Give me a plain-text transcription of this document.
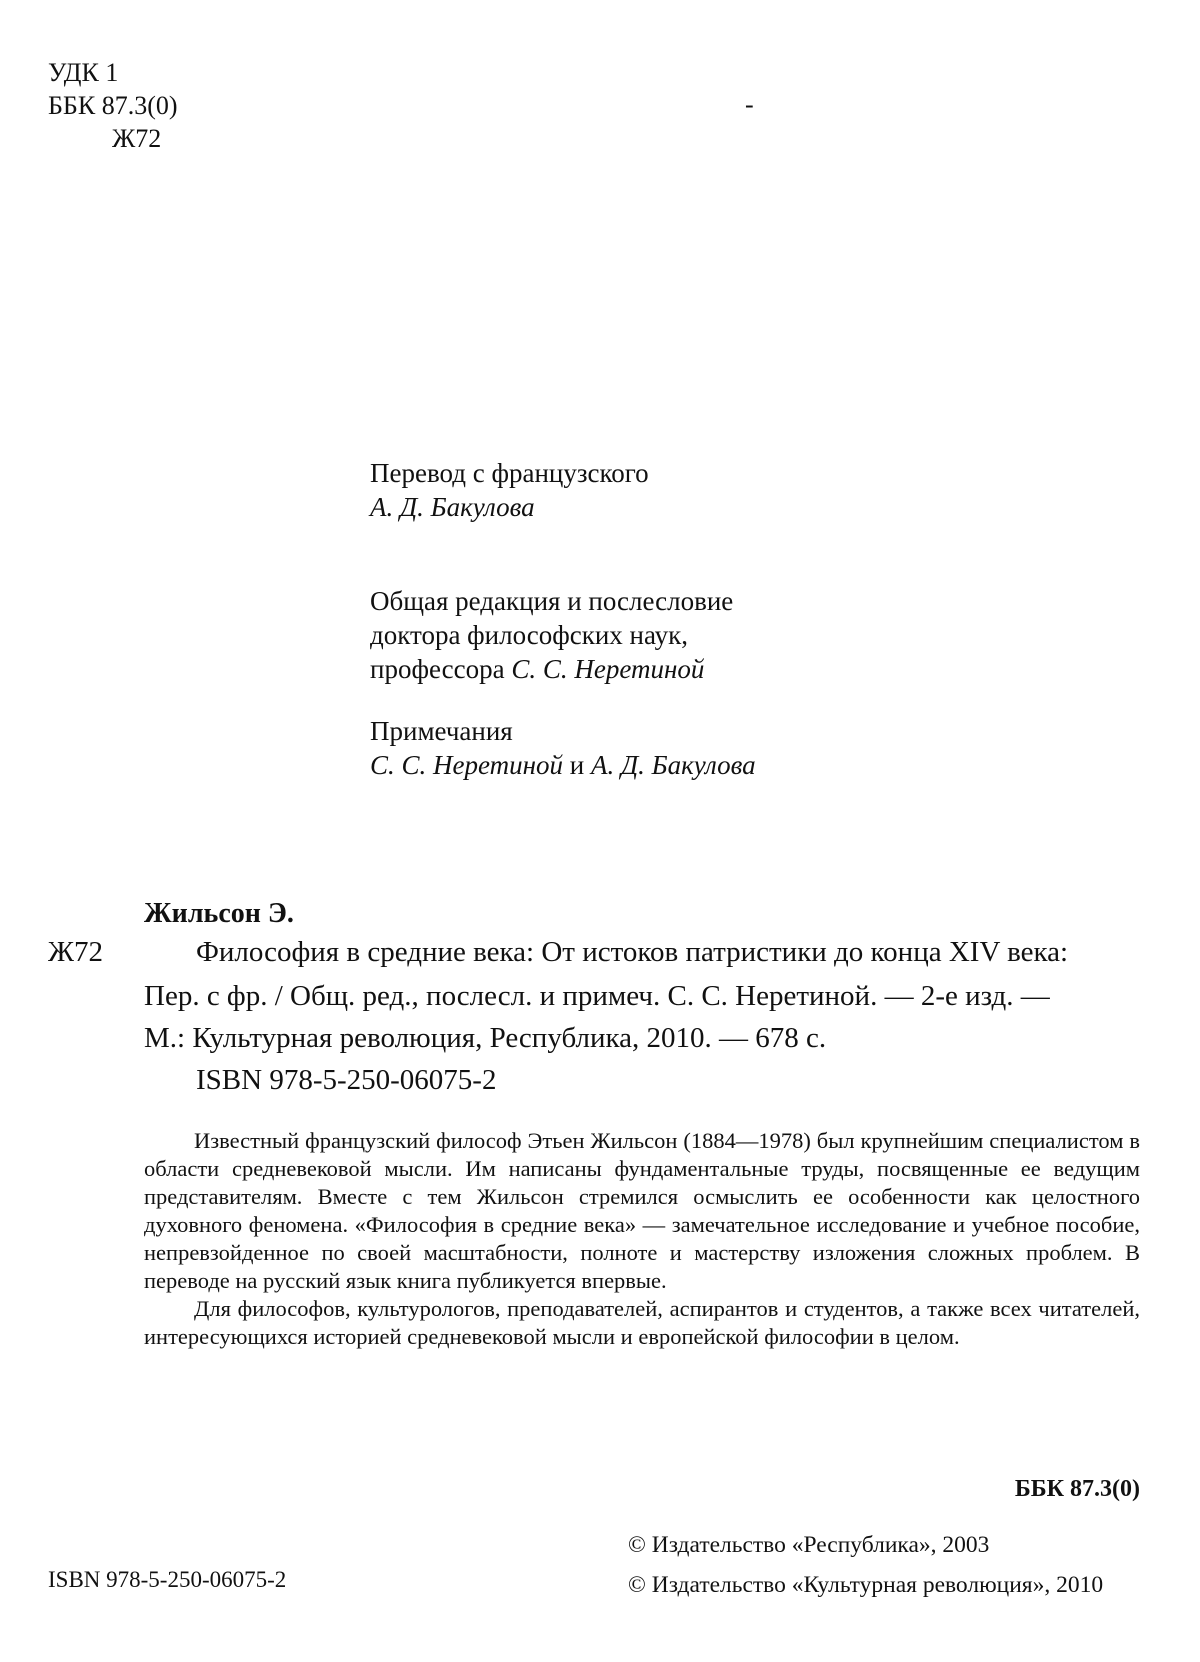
УДК 1
ББК 87.3(0)
Ж72
-
Перевод с французского
А. Д. Бакулова
Общая редакция и послесловие
доктора философских наук,
профессора С. С. Неретиной
Примечания
С. С. Неретиной и А. Д. Бакулова
Жильсон Э.
Ж72	Философия в средние века: От истоков патристики до конца XIV века:
Пер. с фр. / Общ. ред., послесл. и примеч. С. С. Неретиной. — 2-е изд. —
М.: Культурная революция, Республика, 2010. — 678 с.
ISBN 978-5-250-06075-2

Известный французский философ Этьен Жильсон (1884—1978) был крупнейшим специалистом в области средневековой мысли. Им написаны фундаментальные труды, посвященные ее ведущим представителям. Вместе с тем Жильсон стремился осмыслить ее особенности как целостного духовного феномена. «Философия в средние века» — замечательное исследование и учебное пособие, непревзойденное по своей масштабности, полноте и мастерству изложения сложных проблем. В переводе на русский язык книга публикуется впервые.

Для философов, культурологов, преподавателей, аспирантов и студентов, а также всех читателей, интересующихся историей средневековой мысли и европейской философии в целом.

ББК 87.3(0)
© Издательство «Республика», 2003
© Издательство «Культурная революция», 2010
ISBN 978-5-250-06075-2
